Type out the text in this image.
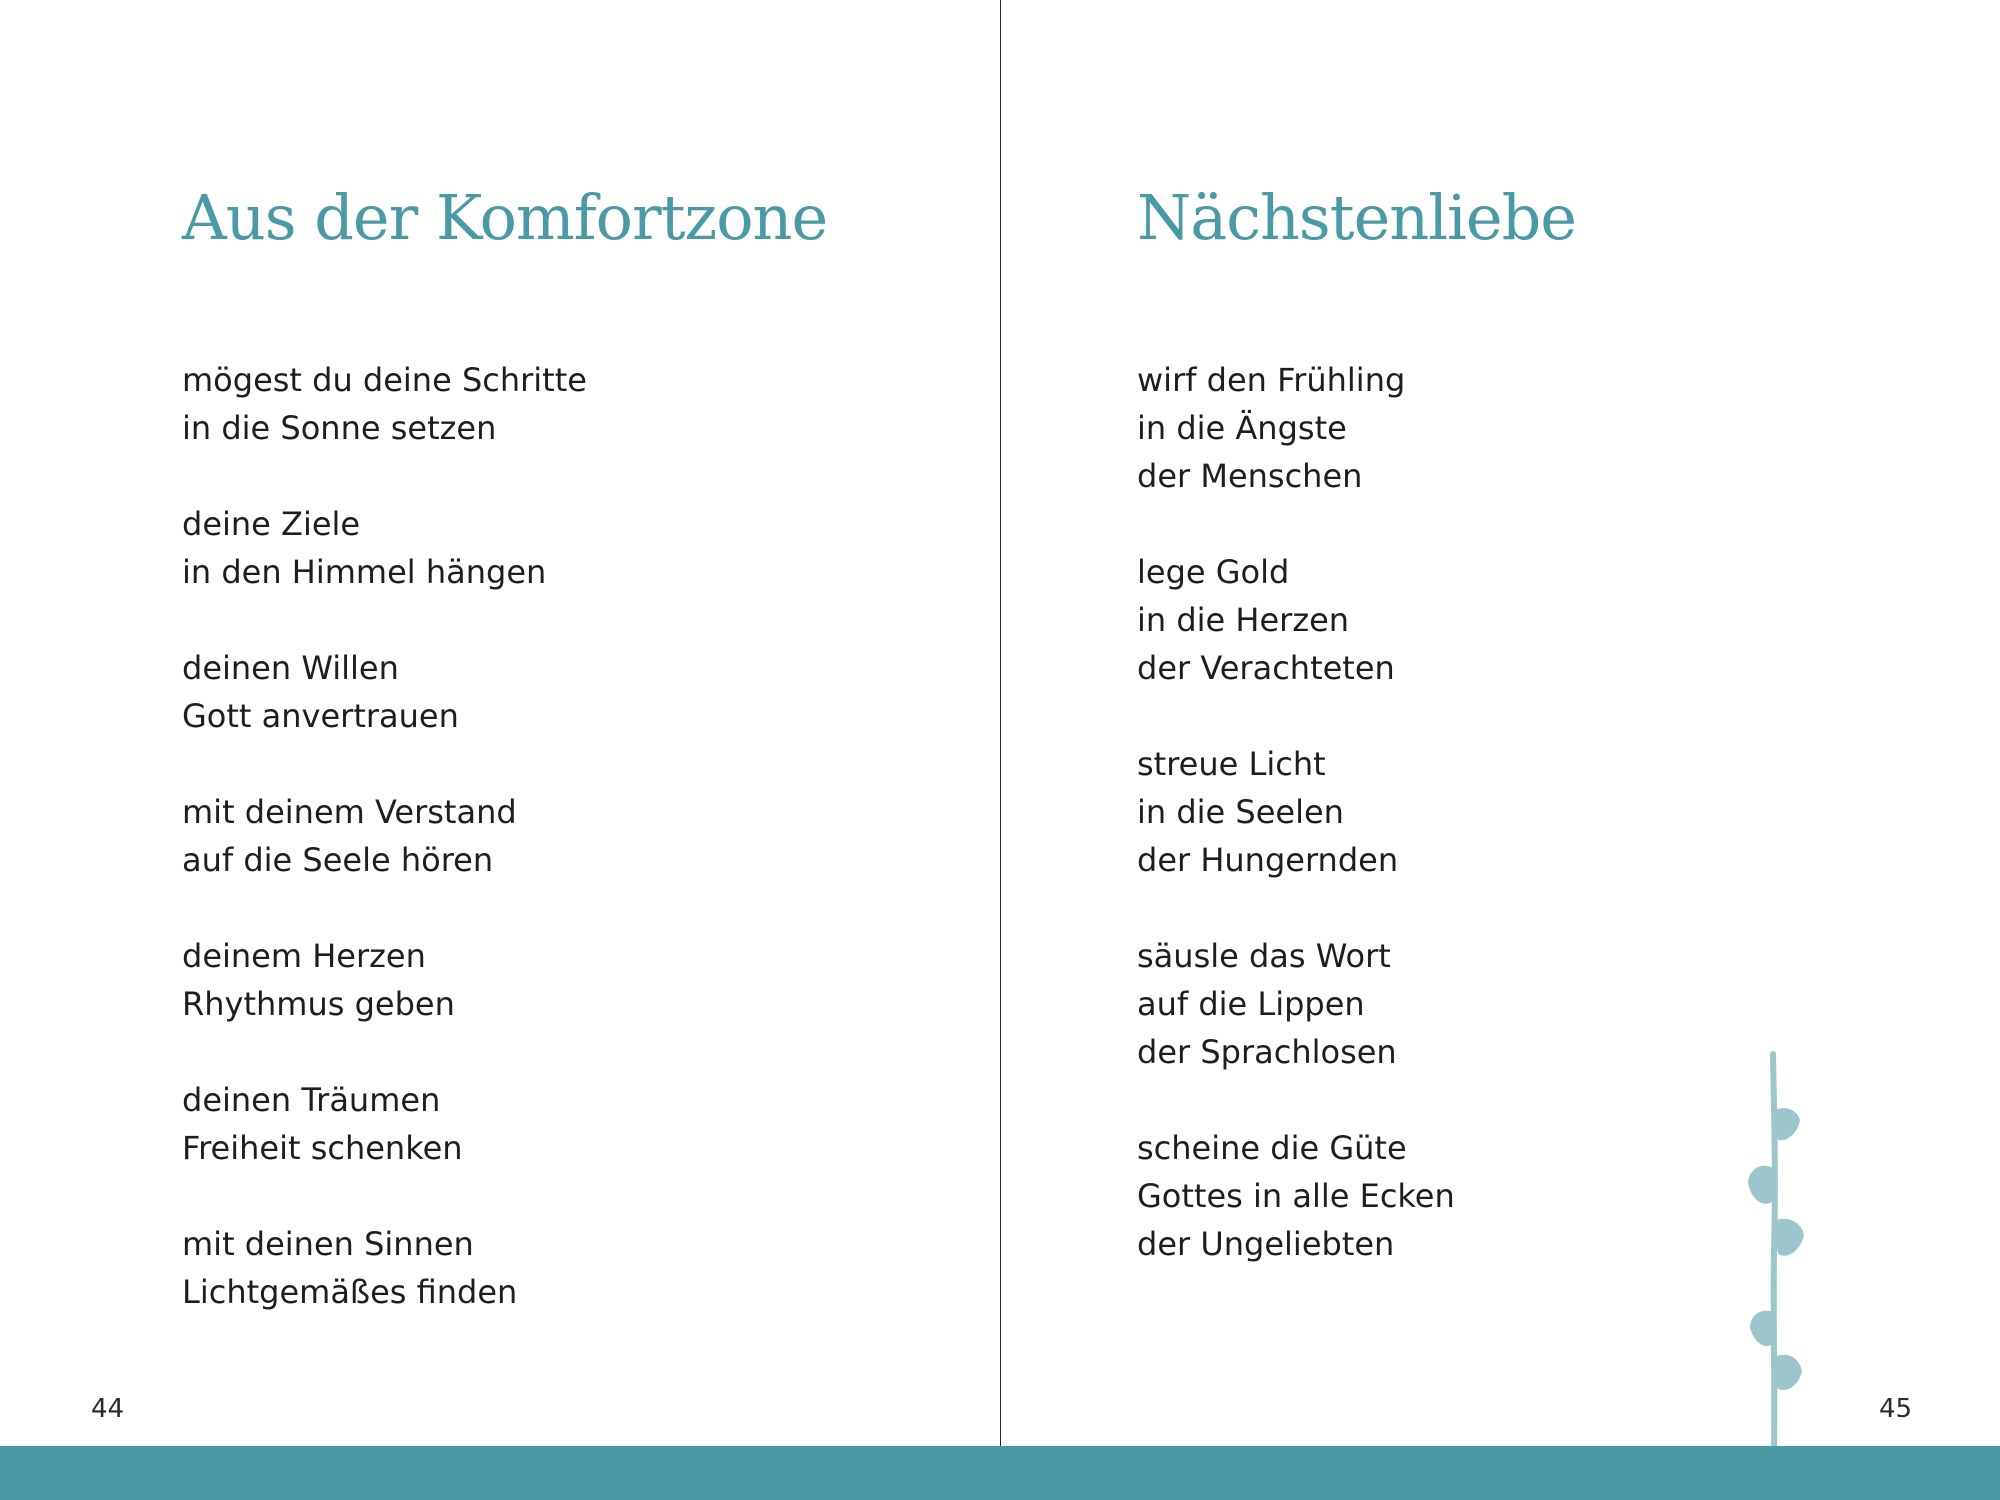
Aus der Komfortzone
mögest du deine Schritte
in die Sonne setzen
deine Ziele
in den Himmel hängen
deinen Willen
Gott anvertrauen
mit deinem Verstand
auf die Seele hören
deinem Herzen
Rhythmus geben
deinen Träumen
Freiheit schenken
mit deinen Sinnen
Lichtgemäßes finden
44
Nächstenliebe
wirf den Frühling
in die Ängste
der Menschen
lege Gold
in die Herzen
der Verachteten
streue Licht
in die Seelen
der Hungernden
säusle das Wort
auf die Lippen
der Sprachlosen
scheine die Güte
Gottes in alle Ecken
der Ungeliebten
45
